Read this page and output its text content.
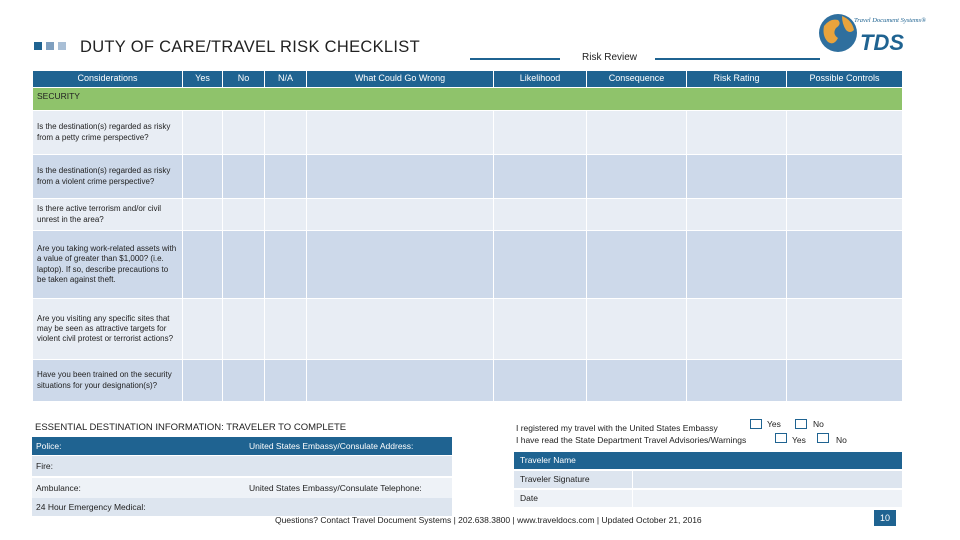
DUTY OF CARE/TRAVEL RISK CHECKLIST
Risk Review
Travel Document Systems®
TDS
Considerations	Yes	No	N/A	What Could Go Wrong	Likelihood	Consequence	Risk Rating	Possible Controls
SECURITY								
Is the destination(s) regarded as risky from a petty crime perspective?								
Is the destination(s) regarded as risky from a violent crime perspective?								
Is there active terrorism and/or civil unrest in the area?								
Are you taking work-related assets with a value of greater than $1,000? (i.e. laptop). If so, describe precautions to be taken against theft.								
Are you visiting any specific sites that may be seen as attractive targets for violent civil protest or terrorist actions?								
Have you been trained on the security situations for your designation(s)?								
ESSENTIAL DESTINATION INFORMATION: TRAVELER TO COMPLETE
Police:	United States Embassy/Consulate Address:
Fire:
Ambulance:	United States Embassy/Consulate Telephone:
24 Hour Emergency Medical:
I registered my travel with the United States Embassy	Yes	No
I have read the State Department Travel Advisories/Warnings	Yes	No
Traveler Name
Traveler Signature
Date
Questions? Contact Travel Document Systems | 202.638.3800 | www.traveldocs.com | Updated October 21, 2016	10
